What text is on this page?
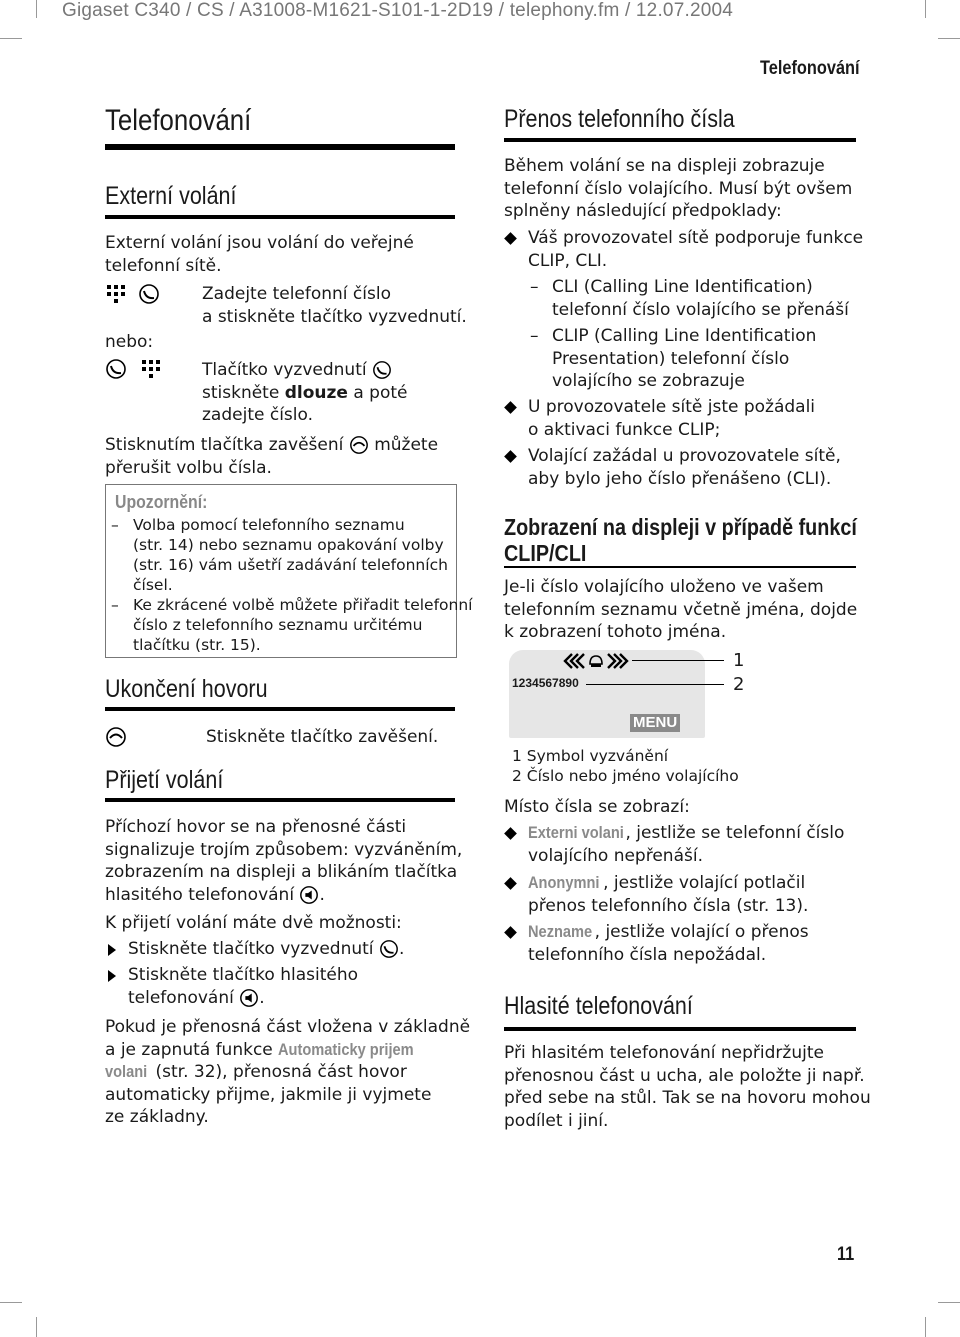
Gigaset C340 / CS / A31008-M1621-S101-1-2D19 / telephony.fm / 12.07.2004
Telefonování
Telefonování
Externí volání
Externí volání jsou volání do veřejné
telefonní sítě.

Zadejte telefonní číslo
a stiskněte tlačítko vyzvednutí.
nebo:

Tlačítko vyzvednutí
stiskněte dlouze a poté
zadejte číslo.
Stisknutím tlačítka zavěšení můžete
přerušit volbu čísla.
Upozornění:
– Volba pomocí telefonního seznamu
(str. 14) nebo seznamu opakování volby
(str. 16) vám ušetří zadávání telefonních
čísel.
– Ke zkrácené volbě můžete přiřadit telefonní
číslo z telefonního seznamu určitému
tlačítku (str. 15).
Ukončení hovoru
Stiskněte tlačítko zavěšení.
Přijetí volání
Příchozí hovor se na přenosné části
signalizuje trojím způsobem: vyzváněním,
zobrazením na displeji a blikáním tlačítka
hlasitého telefonování .
K přijetí volání máte dvě možnosti:
Stiskněte tlačítko vyzvednutí .
Stiskněte tlačítko hlasitého
telefonování .
Pokud je přenosná část vložena v základně
a je zapnutá funkce Automaticky prijem
volani (str. 32), přenosná část hovor
automaticky přijme, jakmile ji vyjmete
ze základny.
Přenos telefonního čísla
Během volání se na displeji zobrazuje
telefonní číslo volajícího. Musí být ovšem
splněny následující předpoklady:
Váš provozovatel sítě podporuje funkce
CLIP, CLI.
– CLI (Calling Line Identification)
telefonní číslo volajícího se přenáší
– CLIP (Calling Line Identification
Presentation) telefonní číslo
volajícího se zobrazuje
U provozovatele sítě jste požádali
o aktivaci funkce CLIP;
Volající zažádal u provozovatele sítě,
aby bylo jeho číslo přenášeno (CLI).
Zobrazení na displeji v případě funkcí
CLIP/CLI
Je-li číslo volajícího uloženo ve vašem
telefonním seznamu včetně jména, dojde
k zobrazení tohoto jména.
1234567890
MENU
1
2
1 Symbol vyzvánění
2 Číslo nebo jméno volajícího
Místo čísla se zobrazí:
Externi volani, jestliže se telefonní číslo
volajícího nepřenáší.
Anonymni , jestliže volající potlačil
přenos telefonního čísla (str. 13).
Nezname , jestliže volající o přenos
telefonního čísla nepožádal.
Hlasité telefonování
Při hlasitém telefonování nepřidržujte
přenosnou část u ucha, ale položte ji např.
před sebe na stůl. Tak se na hovoru mohou
podílet i jiní.
11
